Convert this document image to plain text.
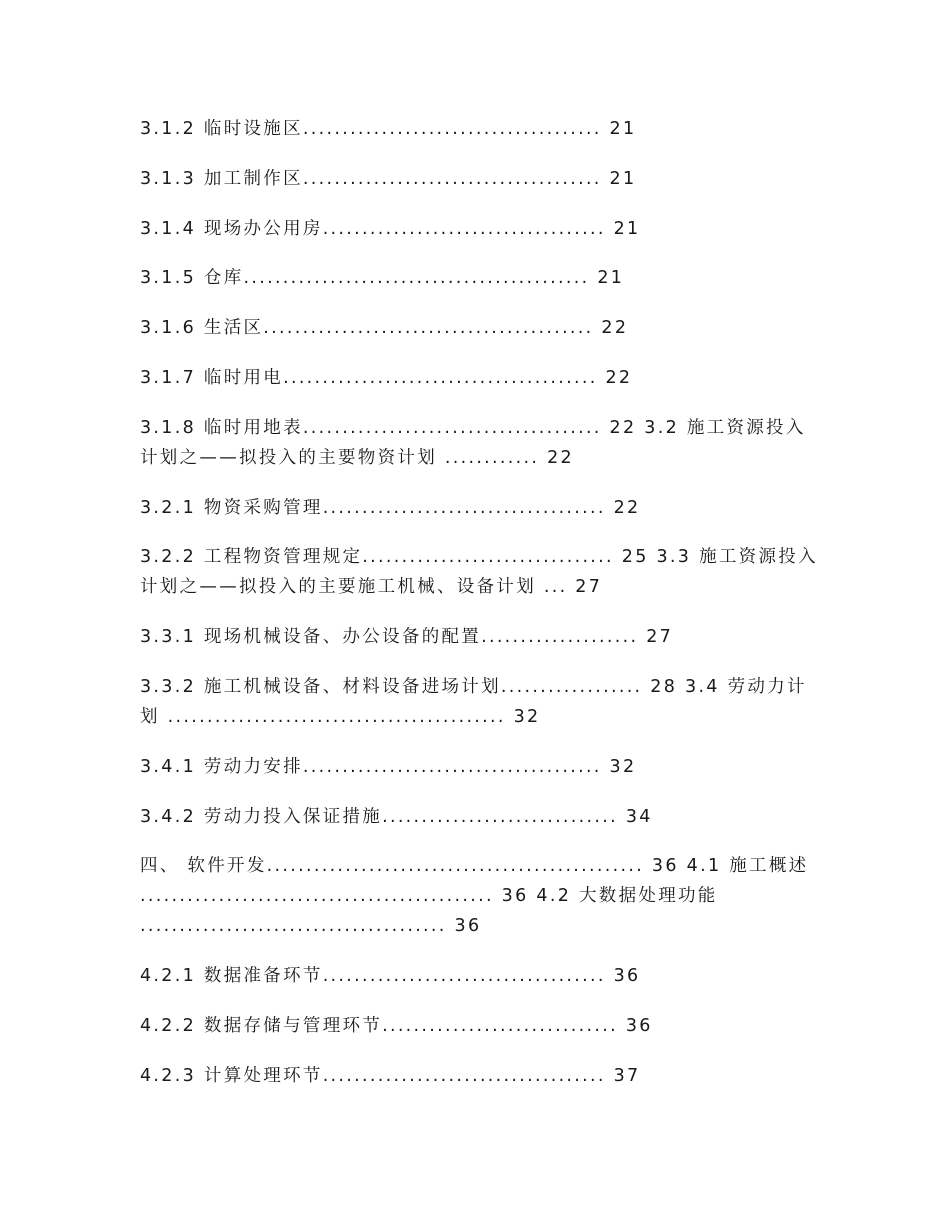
3.1.2 临时设施区...................................... 21
3.1.3 加工制作区...................................... 21
3.1.4 现场办公用房.................................... 21
3.1.5 仓库............................................ 21
3.1.6 生活区.......................................... 22
3.1.7 临时用电........................................ 22
3.1.8 临时用地表...................................... 22 3.2 施工资源投入计划之——拟投入的主要物资计划 ............ 22
3.2.1 物资采购管理.................................... 22
3.2.2 工程物资管理规定................................ 25 3.3 施工资源投入计划之——拟投入的主要施工机械、设备计划 ... 27
3.3.1 现场机械设备、办公设备的配置.................... 27
3.3.2 施工机械设备、材料设备进场计划.................. 28 3.4 劳动力计划 ........................................... 32
3.4.1 劳动力安排...................................... 32
3.4.2 劳动力投入保证措施.............................. 34
四、 软件开发................................................ 36 4.1 施工概述 ............................................. 36 4.2 大数据处理功能 ....................................... 36
4.2.1 数据准备环节.................................... 36
4.2.2 数据存储与管理环节.............................. 36
4.2.3 计算处理环节.................................... 37
